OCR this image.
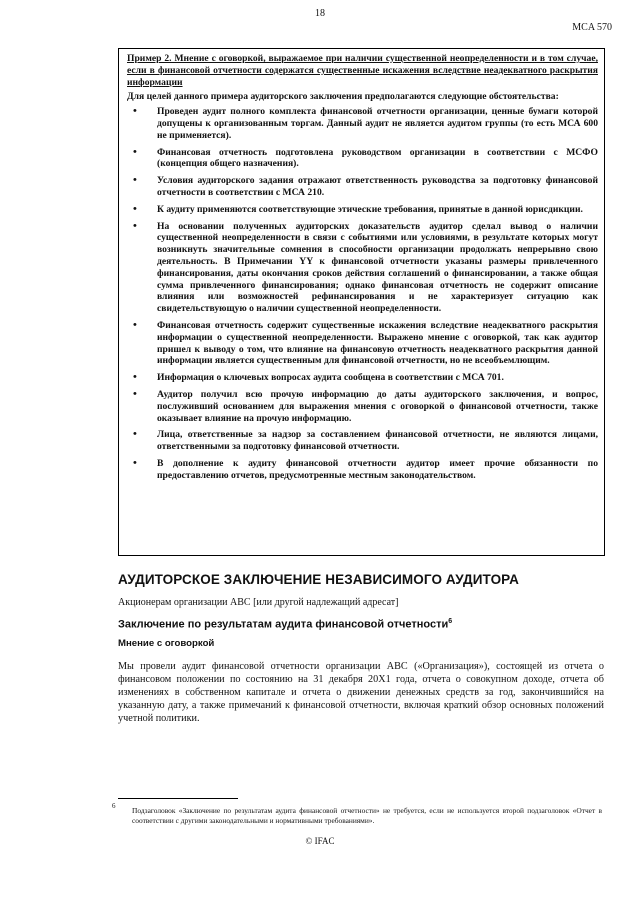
18
MCA 570

Пример 2. Мнение с оговоркой, выражаемое при наличии существенной неопределенности и в том случае, если в финансовой отчетности содержатся существенные искажения вследствие неадекватного раскрытия информации

Для целей данного примера аудиторского заключения предполагаются следующие обстоятельства:

• Проведен аудит полного комплекта финансовой отчетности организации, ценные бумаги которой допущены к организованным торгам. Данный аудит не является аудитом группы (то есть МСА 600 не применяется).
• Финансовая отчетность подготовлена руководством организации в соответствии с МСФО (концепция общего назначения).
• Условия аудиторского задания отражают ответственность руководства за подготовку финансовой отчетности в соответствии с МСА 210.
• К аудиту применяются соответствующие этические требования, принятые в данной юрисдикции.
• На основании полученных аудиторских доказательств аудитор сделал вывод о наличии существенной неопределенности в связи с событиями или условиями, в результате которых могут возникнуть значительные сомнения в способности организации продолжать непрерывно свою деятельность. В Примечании YY к финансовой отчетности указаны размеры привлеченного финансирования, даты окончания сроков действия соглашений о финансировании, а также общая сумма привлеченного финансирования; однако финансовая отчетность не содержит описание влияния или возможностей рефинансирования и не характеризует ситуацию как свидетельствующую о наличии существенной неопределенности.
• Финансовая отчетность содержит существенные искажения вследствие неадекватного раскрытия информации о существенной неопределенности. Выражено мнение с оговоркой, так как аудитор пришел к выводу о том, что влияние на финансовую отчетность неадекватного раскрытия данной информации является существенным для финансовой отчетности, но не всеобъемлющим.
• Информация о ключевых вопросах аудита сообщена в соответствии с МСА 701.
• Аудитор получил всю прочую информацию до даты аудиторского заключения, и вопрос, послуживший основанием для выражения мнения с оговоркой о финансовой отчетности, также оказывает влияние на прочую информацию.
• Лица, ответственные за надзор за составлением финансовой отчетности, не являются лицами, ответственными за подготовку финансовой отчетности.
• В дополнение к аудиту финансовой отчетности аудитор имеет прочие обязанности по предоставлению отчетов, предусмотренные местным законодательством.
АУДИТОРСКОЕ ЗАКЛЮЧЕНИЕ НЕЗАВИСИМОГО АУДИТОРА
Акционерам организации ABC [или другой надлежащий адресат]
Заключение по результатам аудита финансовой отчетности$^6$
Мнение с оговоркой

Мы провели аудит финансовой отчетности организации ABC («Организация»), состоящей из отчета о финансовом положении по состоянию на 31 декабря 20X1 года, отчета о совокупном доходе, отчета об изменениях в собственном капитале и отчета о движении денежных средств за год, закончившийся на указанную дату, а также примечаний к финансовой отчетности, включая краткий обзор основных положений учетной политики.

6 Подзаголовок «Заключение по результатам аудита финансовой отчетности» не требуется, если не используется второй подзаголовок «Отчет в соответствии с другими законодательными и нормативными требованиями».

© IFAC
